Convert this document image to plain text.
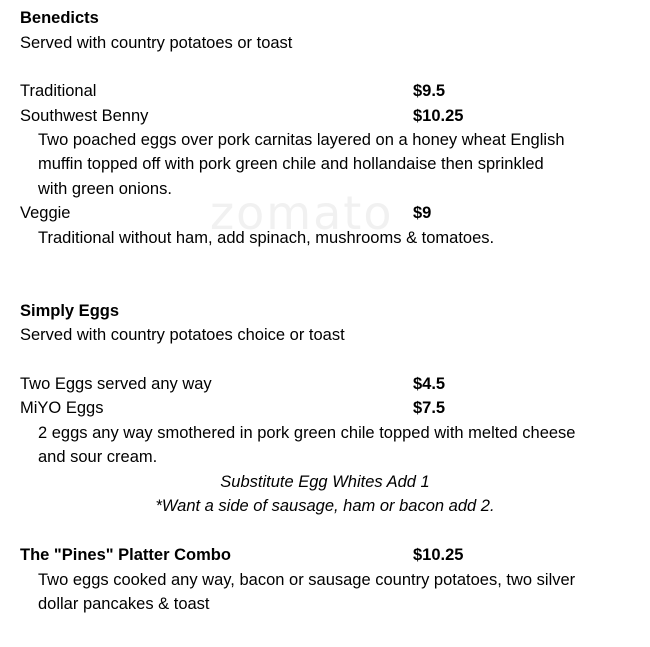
zomato
Benedicts
Served with country potatoes or toast
Traditional	$9.5
Southwest Benny	$10.25
Two poached eggs over pork carnitas layered on a honey wheat English
muffin topped off with pork green chile and hollandaise then sprinkled
with green onions.
Veggie	$9
Traditional without ham, add spinach, mushrooms & tomatoes.
Simply Eggs
Served with country potatoes choice or toast
Two Eggs served any way	$4.5
MiYO Eggs	$7.5
2 eggs any way smothered in pork green chile topped with melted cheese
and sour cream.
Substitute Egg Whites Add 1
*Want a side of sausage, ham or bacon add 2.
The "Pines" Platter Combo	$10.25
Two eggs cooked any way, bacon or sausage country potatoes, two silver
dollar pancakes & toast
